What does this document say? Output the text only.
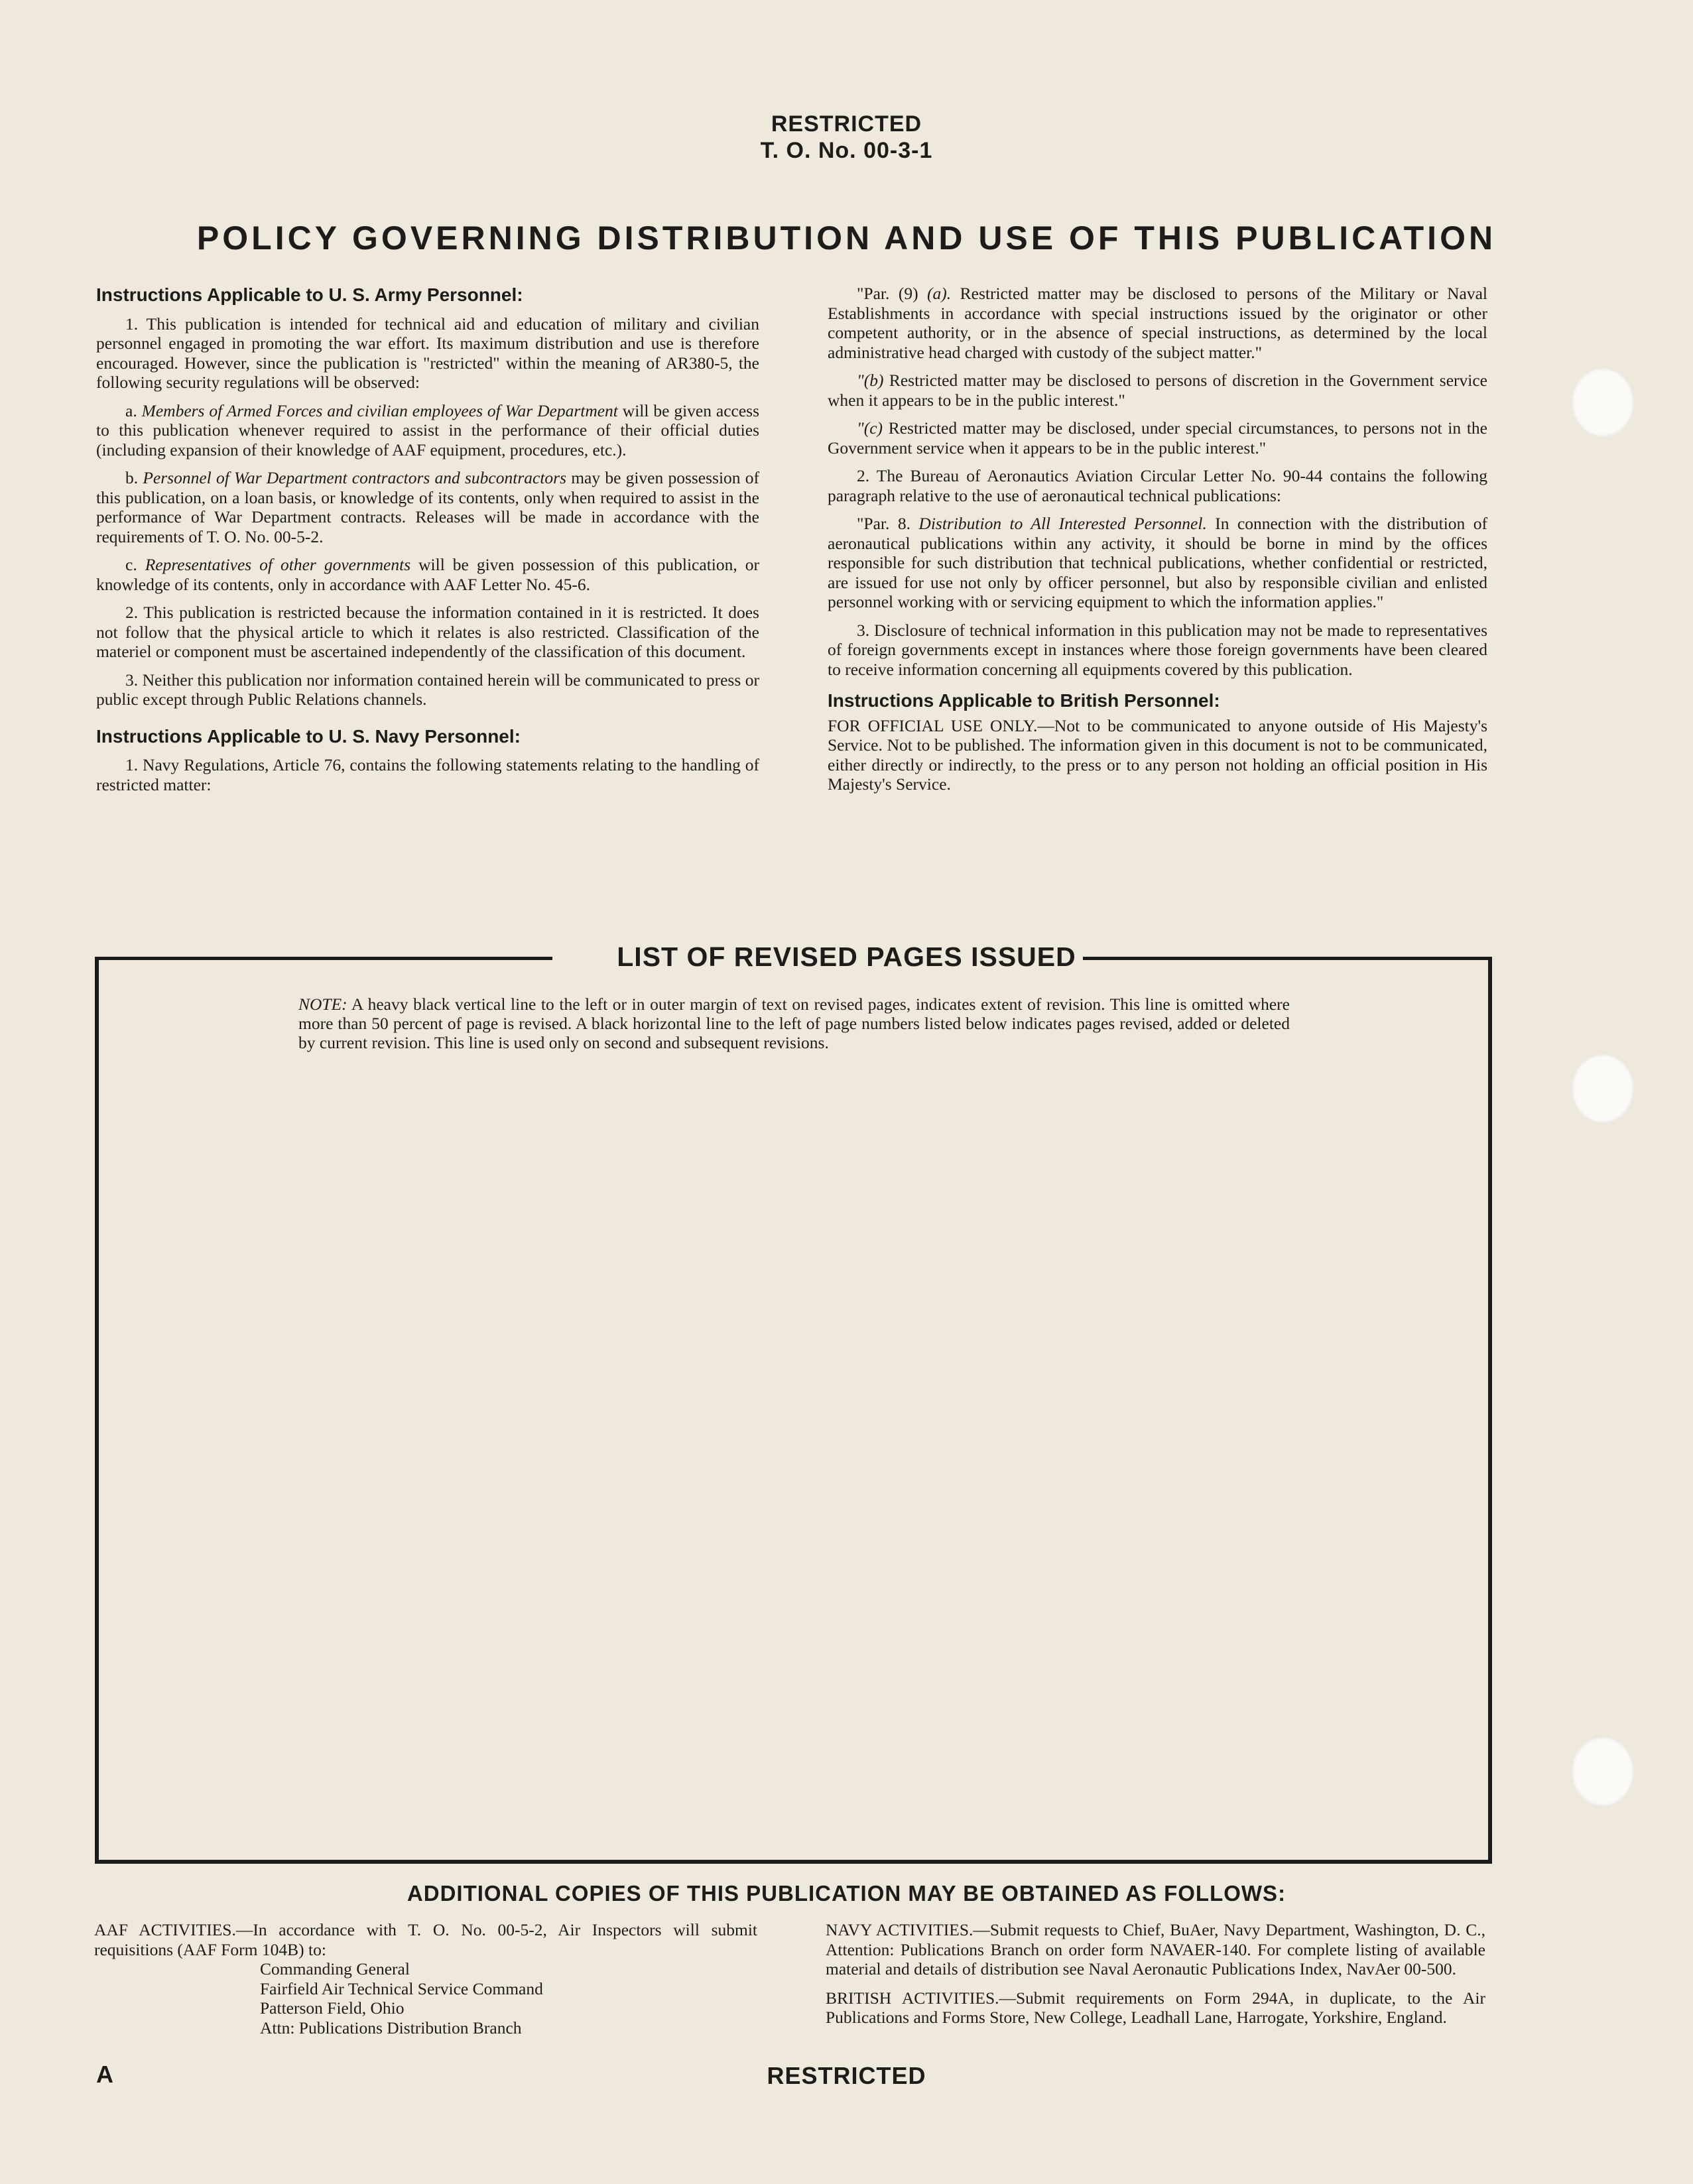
RESTRICTED
T. O. No. 00-3-1
POLICY GOVERNING DISTRIBUTION AND USE OF THIS PUBLICATION
Instructions Applicable to U. S. Army Personnel:

1. This publication is intended for technical aid and education of military and civilian personnel engaged in promoting the war effort. Its maximum distribution and use is therefore encouraged. However, since the publication is "restricted" within the meaning of AR380-5, the following security regulations will be observed:

a. Members of Armed Forces and civilian employees of War Department will be given access to this publication whenever required to assist in the performance of their official duties (including expansion of their knowledge of AAF equipment, procedures, etc.).

b. Personnel of War Department contractors and subcontractors may be given possession of this publication, on a loan basis, or knowledge of its contents, only when required to assist in the performance of War Department contracts. Releases will be made in accordance with the requirements of T. O. No. 00-5-2.

c. Representatives of other governments will be given possession of this publication, or knowledge of its contents, only in accordance with AAF Letter No. 45-6.

2. This publication is restricted because the information contained in it is restricted. It does not follow that the physical article to which it relates is also restricted. Classification of the materiel or component must be ascertained independently of the classification of this document.

3. Neither this publication nor information contained herein will be communicated to press or public except through Public Relations channels.

Instructions Applicable to U. S. Navy Personnel:

1. Navy Regulations, Article 76, contains the following statements relating to the handling of restricted matter:

"Par. (9) (a). Restricted matter may be disclosed to persons of the Military or Naval Establishments in accordance with special instructions issued by the originator or other competent authority, or in the absence of special instructions, as determined by the local administrative head charged with custody of the subject matter."

"(b) Restricted matter may be disclosed to persons of discretion in the Government service when it appears to be in the public interest."

"(c) Restricted matter may be disclosed, under special circumstances, to persons not in the Government service when it appears to be in the public interest."

2. The Bureau of Aeronautics Aviation Circular Letter No. 90-44 contains the following paragraph relative to the use of aeronautical technical publications:

"Par. 8. Distribution to All Interested Personnel. In connection with the distribution of aeronautical publications within any activity, it should be borne in mind by the offices responsible for such distribution that technical publications, whether confidential or restricted, are issued for use not only by officer personnel, but also by responsible civilian and enlisted personnel working with or servicing equipment to which the information applies."

3. Disclosure of technical information in this publication may not be made to representatives of foreign governments except in instances where those foreign governments have been cleared to receive information concerning all equipments covered by this publication.

Instructions Applicable to British Personnel:

FOR OFFICIAL USE ONLY.—Not to be communicated to anyone outside of His Majesty's Service. Not to be published. The information given in this document is not to be communicated, either directly or indirectly, to the press or to any person not holding an official position in His Majesty's Service.

LIST OF REVISED PAGES ISSUED
NOTE: A heavy black vertical line to the left or in outer margin of text on revised pages, indicates extent of revision. This line is omitted where more than 50 percent of page is revised. A black horizontal line to the left of page numbers listed below indicates pages revised, added or deleted by current revision. This line is used only on second and subsequent revisions.
ADDITIONAL COPIES OF THIS PUBLICATION MAY BE OBTAINED AS FOLLOWS:
AAF ACTIVITIES.—In accordance with T. O. No. 00-5-2, Air Inspectors will submit requisitions (AAF Form 104B) to:
Commanding General
Fairfield Air Technical Service Command
Patterson Field, Ohio
Attn: Publications Distribution Branch

NAVY ACTIVITIES.—Submit requests to Chief, BuAer, Navy Department, Washington, D. C., Attention: Publications Branch on order form NAVAER-140. For complete listing of available material and details of distribution see Naval Aeronautic Publications Index, NavAer 00-500.

BRITISH ACTIVITIES.—Submit requirements on Form 294A, in duplicate, to the Air Publications and Forms Store, New College, Leadhall Lane, Harrogate, Yorkshire, England.

A	RESTRICTED
